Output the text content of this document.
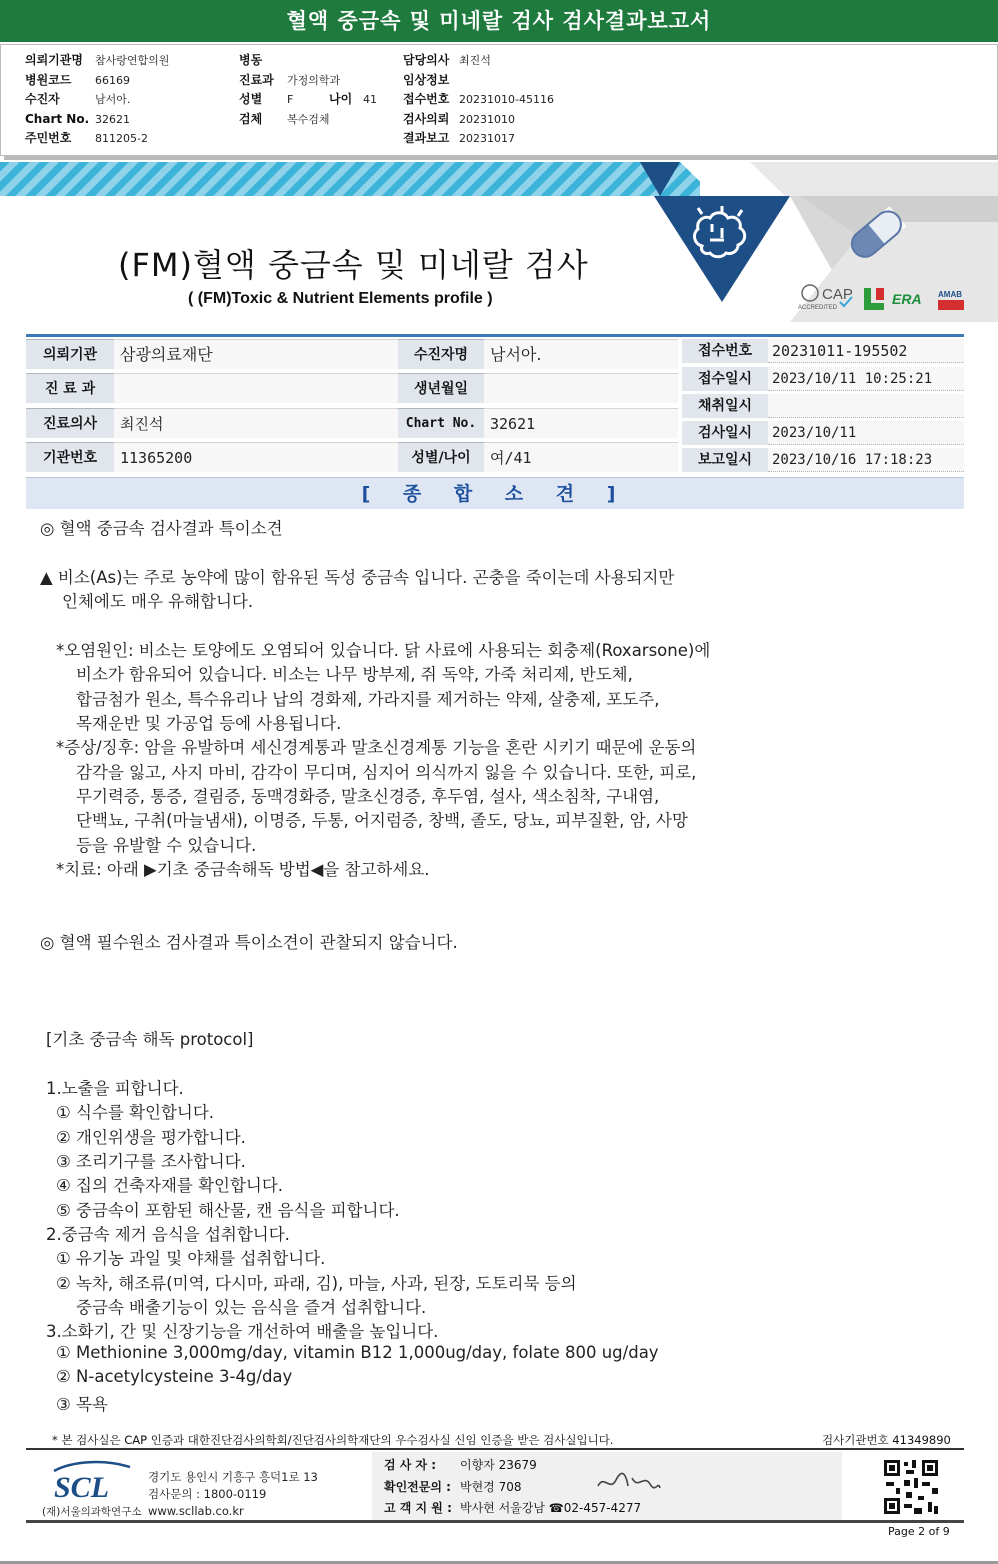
혈액 중금속 및 미네랄 검사 검사결과보고서
의뢰기관명 참사랑연합의원
병원코드 66169
수진자	남서아.
Chart No. 32621
주민번호 811205-2
병동
진료과 가정의학과
성별 F	나이 41
검체 복수검체
담당의사 최진석
임상정보
접수번호 20231010-45116
검사의뢰 20231010
결과보고 20231017
CAP
ACCREDITED
ERA AMAB
(FM)혈액 중금속 및 미네랄 검사
( (FM)Toxic & Nutrient Elements profile )
의뢰기관	삼광의료재단
진 료 과
진료의사	최진석
기관번호	11365200
수진자명	남서아.
생년월일
Chart No. 32621
성별/나이	여/41
접수번호	20231011-195502
접수일시	2023/10/11 10:25:21
채취일시
검사일시	2023/10/11
보고일시	2023/10/16 17:18:23
[ 종 합 소 견 ]
◎ 혈액 중금속 검사결과 특이소견
▲ 비소(As)는 주로 농약에 많이 함유된 독성 중금속 입니다. 곤충을 죽이는데 사용되지만
인체에도 매우 유해합니다.
*오염원인: 비소는 토양에도 오염되어 있습니다. 닭 사료에 사용되는 회충제(Roxarsone)에
비소가 함유되어 있습니다. 비소는 나무 방부제, 쥐 독약, 가죽 처리제, 반도체,
합금첨가 원소, 특수유리나 납의 경화제, 가라지를 제거하는 약제, 살충제, 포도주,
목재운반 및 가공업 등에 사용됩니다.
*증상/징후: 암을 유발하며 세신경계통과 말초신경계통 기능을 혼란 시키기 때문에 운동의
감각을 잃고, 사지 마비, 감각이 무디며, 심지어 의식까지 잃을 수 있습니다. 또한, 피로,
무기력증, 통증, 결림증, 동맥경화증, 말초신경증, 후두염, 설사, 색소침착, 구내염,
단백뇨, 구취(마늘냄새), 이명증, 두통, 어지럼증, 창백, 졸도, 당뇨, 피부질환, 암, 사망
등을 유발할 수 있습니다.
*치료: 아래 ▶기초 중금속해독 방법◀을 참고하세요.
◎ 혈액 필수원소 검사결과 특이소견이 관찰되지 않습니다.
[기초 중금속 해독 protocol]
1.노출을 피합니다.
① 식수를 확인합니다.
② 개인위생을 평가합니다.
③ 조리기구를 조사합니다.
④ 집의 건축자재를 확인합니다.
⑤ 중금속이 포함된 해산물, 캔 음식을 피합니다.
2.중금속 제거 음식을 섭취합니다.
① 유기농 과일 및 야채를 섭취합니다.
② 녹차, 해조류(미역, 다시마, 파래, 김), 마늘, 사과, 된장, 도토리묵 등의
중금속 배출기능이 있는 음식을 즐겨 섭취합니다.
3.소화기, 간 및 신장기능을 개선하여 배출을 높입니다.
① Methionine 3,000mg/day, vitamin B12 1,000ug/day, folate 800 ug/day
② N-acetylcysteine 3-4g/day
③ 목욕
* 본 검사실은 CAP 인증과 대한진단검사의학회/진단검사의학재단의 우수검사실 신임 인증을 받은 검사실입니다.	검사기관번호 41349890
SCL
(재)서울의과학연구소
경기도 용인시 기흥구 흥덕1로 13
검사문의 : 1800-0119
www.scllab.co.kr
검 사 자 : 이향자 23679
확인전문의 : 박현경 708
고 객 지 원 : 박사현 서울강남 ☎02-457-4277
Page 2 of 9
